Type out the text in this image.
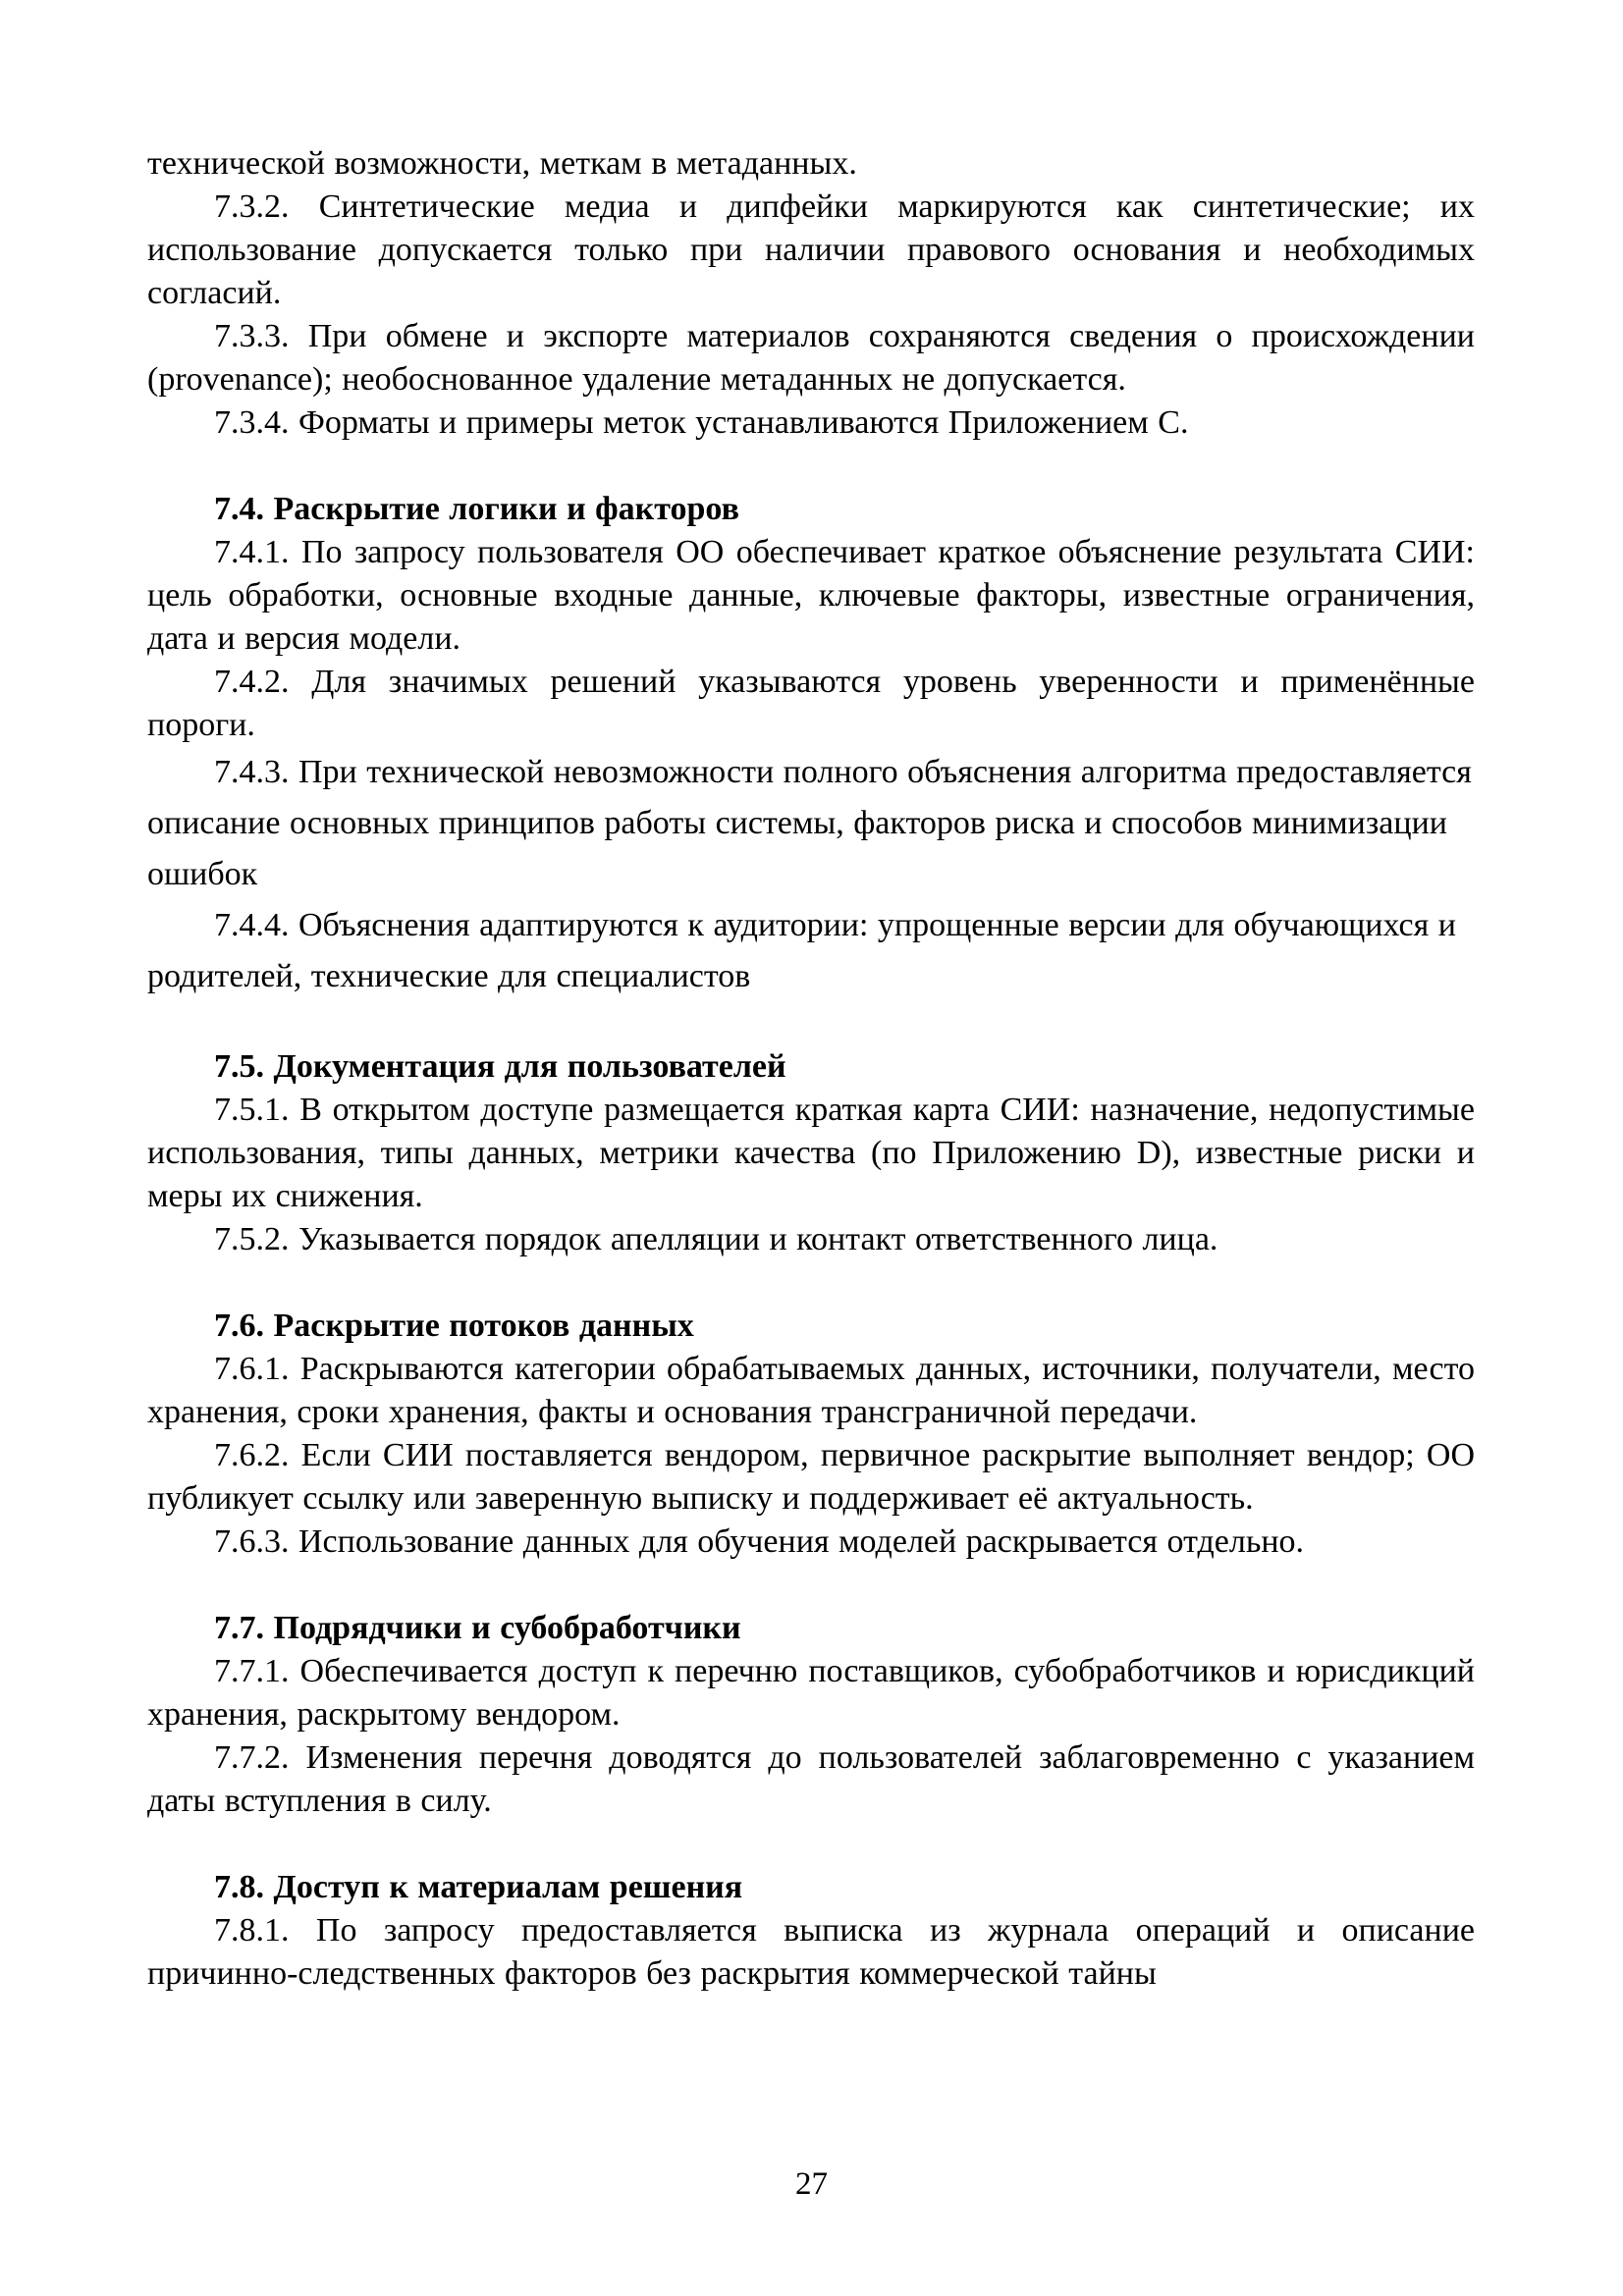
технической возможности, меткам в метаданных.

7.3.2. Синтетические медиа и дипфейки маркируются как синтетические; их использование допускается только при наличии правового основания и необходимых согласий.

7.3.3. При обмене и экспорте материалов сохраняются сведения о происхождении (provenance); необоснованное удаление метаданных не допускается.

7.3.4. Форматы и примеры меток устанавливаются Приложением C.

7.4. Раскрытие логики и факторов

7.4.1. По запросу пользователя ОО обеспечивает краткое объяснение результата СИИ: цель обработки, основные входные данные, ключевые факторы, известные ограничения, дата и версия модели.

7.4.2. Для значимых решений указываются уровень уверенности и применённые пороги.

7.4.3. При технической невозможности полного объяснения алгоритма предоставляется описание основных принципов работы системы, факторов риска и способов минимизации ошибок

7.4.4. Объяснения адаптируются к аудитории: упрощенные версии для обучающихся и родителей, технические для специалистов

7.5. Документация для пользователей

7.5.1. В открытом доступе размещается краткая карта СИИ: назначение, недопустимые использования, типы данных, метрики качества (по Приложению D), известные риски и меры их снижения.

7.5.2. Указывается порядок апелляции и контакт ответственного лица.

7.6. Раскрытие потоков данных

7.6.1. Раскрываются категории обрабатываемых данных, источники, получатели, место хранения, сроки хранения, факты и основания трансграничной передачи.

7.6.2. Если СИИ поставляется вендором, первичное раскрытие выполняет вендор; ОО публикует ссылку или заверенную выписку и поддерживает её актуальность.

7.6.3. Использование данных для обучения моделей раскрывается отдельно.

7.7. Подрядчики и субобработчики

7.7.1. Обеспечивается доступ к перечню поставщиков, субобработчиков и юрисдикций хранения, раскрытому вендором.

7.7.2. Изменения перечня доводятся до пользователей заблаговременно с указанием даты вступления в силу.

7.8. Доступ к материалам решения

7.8.1. По запросу предоставляется выписка из журнала операций и описание причинно-следственных факторов без раскрытия коммерческой тайны

27
